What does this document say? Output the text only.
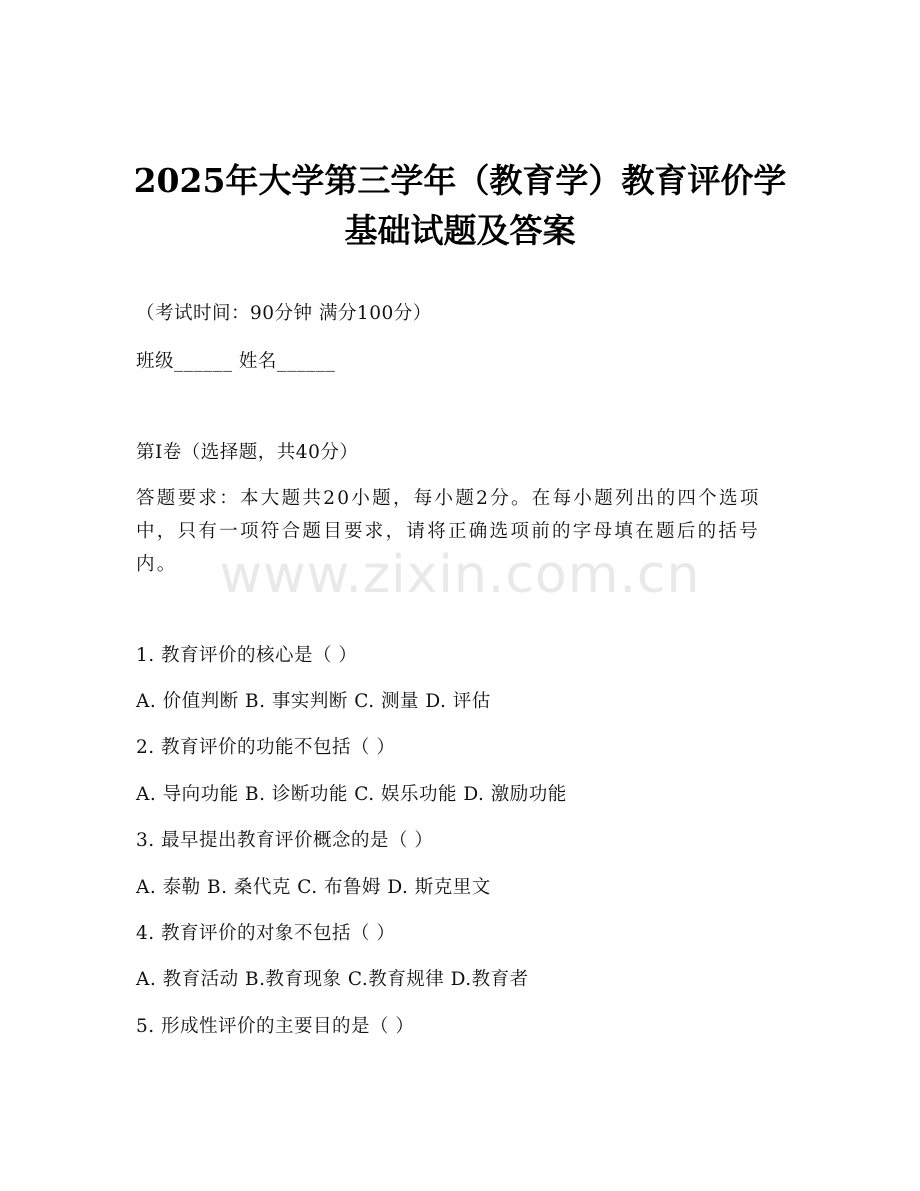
2025年大学第三学年（教育学）教育评价学
基础试题及答案
（考试时间：90分钟 满分100分）
班级______ 姓名______
第I卷（选择题，共40分）
答题要求：本大题共20小题，每小题2分。在每小题列出的四个选项中，只有一项符合题目要求，请将正确选项前的字母填在题后的括号内。 www.zixin.com.cn
1. 教育评价的核心是（ ）
A. 价值判断 B. 事实判断 C. 测量 D. 评估
2. 教育评价的功能不包括（ ）
A. 导向功能 B. 诊断功能 C. 娱乐功能 D. 激励功能
3. 最早提出教育评价概念的是（ ）
A. 泰勒 B. 桑代克 C. 布鲁姆 D. 斯克里文
4. 教育评价的对象不包括（ ）
A. 教育活动 B.教育现象 C.教育规律 D.教育者
5. 形成性评价的主要目的是（ ）
